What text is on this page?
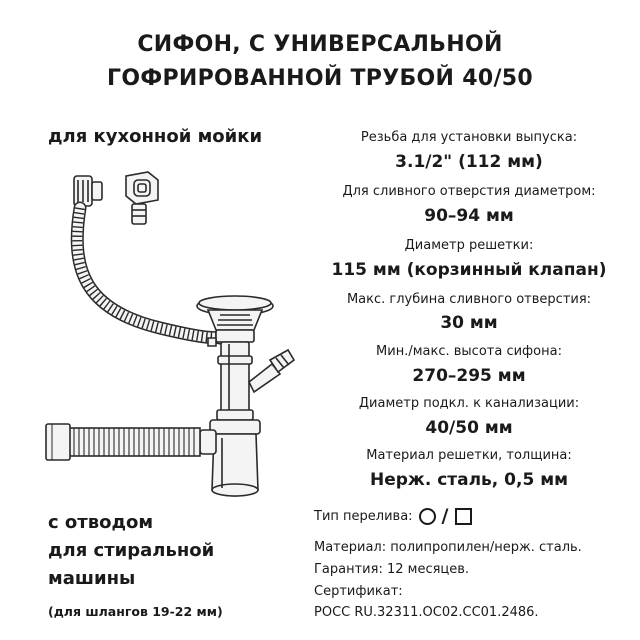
СИФОН, С УНИВЕРСАЛЬНОЙ
ГОФРИРОВАННОЙ ТРУБОЙ 40/50
для кухонной мойки
с отводом
для стиральной
машины
(для шлангов 19-22 мм)
Резьба для установки выпуска:
3.1/2" (112 мм)
Для сливного отверстия диаметром:
90–94 мм
Диаметр решетки:
115 мм (корзинный клапан)
Макс. глубина сливного отверстия:
30 мм
Мин./макс. высота сифона:
270–295 мм
Диаметр подкл. к канализации:
40/50 мм
Материал решетки, толщина:
Нерж. сталь, 0,5 мм
Тип перелива: /
Материал: полипропилен/нерж. сталь.
Гарантия: 12 месяцев.
Сертификат:
РОСС RU.32311.ОС02.СС01.2486.
